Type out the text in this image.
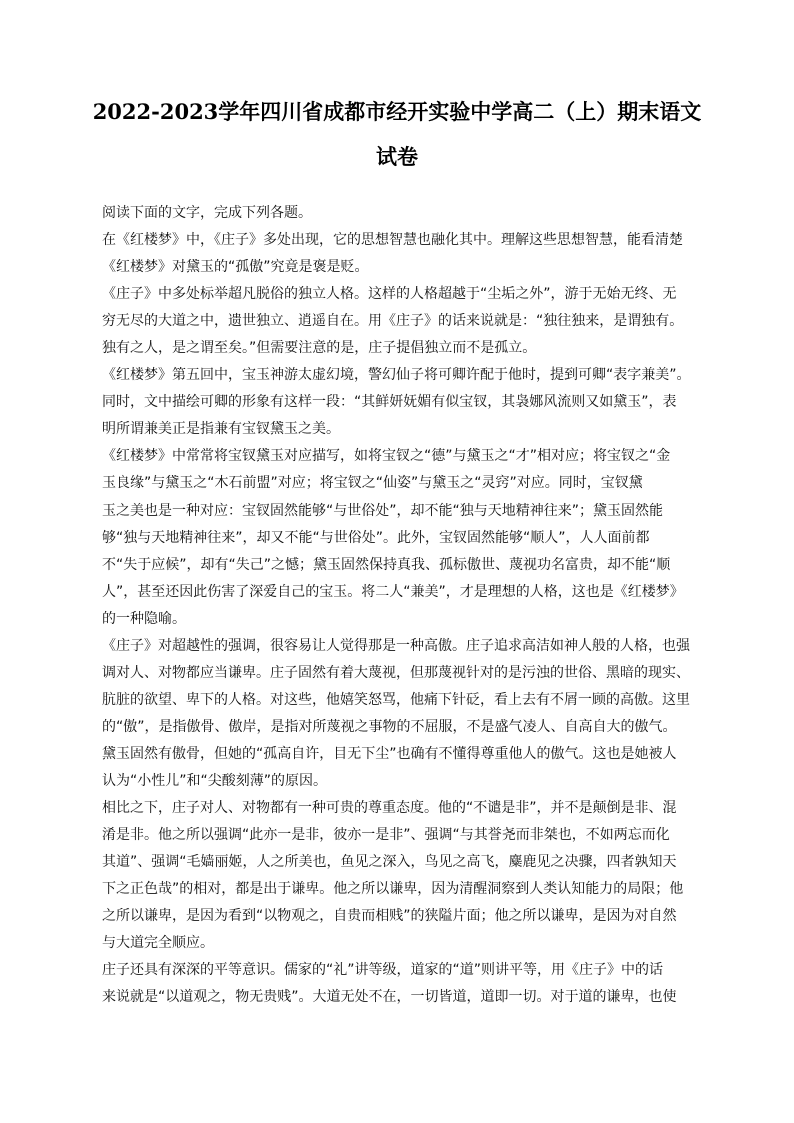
2022-2023学年四川省成都市经开实验中学高二（上）期末语文
试卷
阅读下面的文字，完成下列各题。
在《红楼梦》中，《庄子》多处出现，它的思想智慧也融化其中。理解这些思想智慧，能看清楚
《红楼梦》对黛玉的“孤傲”究竟是褒是贬。
《庄子》中多处标举超凡脱俗的独立人格。这样的人格超越于“尘垢之外”，游于无始无终、无
穷无尽的大道之中，遗世独立、逍遥自在。用《庄子》的话来说就是：“独往独来，是谓独有。
独有之人，是之谓至矣。”但需要注意的是，庄子提倡独立而不是孤立。
《红楼梦》第五回中，宝玉神游太虚幻境，警幻仙子将可卿许配于他时，提到可卿“表字兼美”。
同时，文中描绘可卿的形象有这样一段：“其鲜妍妩媚有似宝钗，其袅娜风流则又如黛玉”，表
明所谓兼美正是指兼有宝钗黛玉之美。
《红楼梦》中常常将宝钗黛玉对应描写，如将宝钗之“德”与黛玉之“才”相对应；将宝钗之“金
玉良缘”与黛玉之“木石前盟”对应；将宝钗之“仙姿”与黛玉之“灵窍”对应。同时，宝钗黛
玉之美也是一种对应：宝钗固然能够“与世俗处”，却不能“独与天地精神往来”；黛玉固然能
够“独与天地精神往来”，却又不能“与世俗处”。此外，宝钗固然能够“顺人”，人人面前都
不“失于应候”，却有“失己”之憾；黛玉固然保持真我、孤标傲世、蔑视功名富贵，却不能“顺
人”，甚至还因此伤害了深爱自己的宝玉。将二人“兼美”，才是理想的人格，这也是《红楼梦》
的一种隐喻。
《庄子》对超越性的强调，很容易让人觉得那是一种高傲。庄子追求高洁如神人般的人格，也强
调对人、对物都应当谦卑。庄子固然有着大蔑视，但那蔑视针对的是污浊的世俗、黑暗的现实、
肮脏的欲望、卑下的人格。对这些，他嬉笑怒骂，他痛下针砭，看上去有不屑一顾的高傲。这里
的“傲”，是指傲骨、傲岸，是指对所蔑视之事物的不屈服，不是盛气凌人、自高自大的傲气。
黛玉固然有傲骨，但她的“孤高自许，目无下尘”也确有不懂得尊重他人的傲气。这也是她被人
认为“小性儿”和“尖酸刻薄”的原因。
相比之下，庄子对人、对物都有一种可贵的尊重态度。他的“不谴是非”，并不是颠倒是非、混
淆是非。他之所以强调“此亦一是非，彼亦一是非”、强调“与其誉尧而非桀也，不如两忘而化
其道”、强调“毛嫱丽姬，人之所美也，鱼见之深入，鸟见之高飞，麋鹿见之决骤，四者孰知天
下之正色哉”的相对，都是出于谦卑。他之所以谦卑，因为清醒洞察到人类认知能力的局限；他
之所以谦卑，是因为看到“以物观之，自贵而相贱”的狭隘片面；他之所以谦卑，是因为对自然
与大道完全顺应。
庄子还具有深深的平等意识。儒家的“礼”讲等级，道家的“道”则讲平等，用《庄子》中的话
来说就是“以道观之，物无贵贱”。大道无处不在，一切皆道，道即一切。对于道的谦卑，也使
